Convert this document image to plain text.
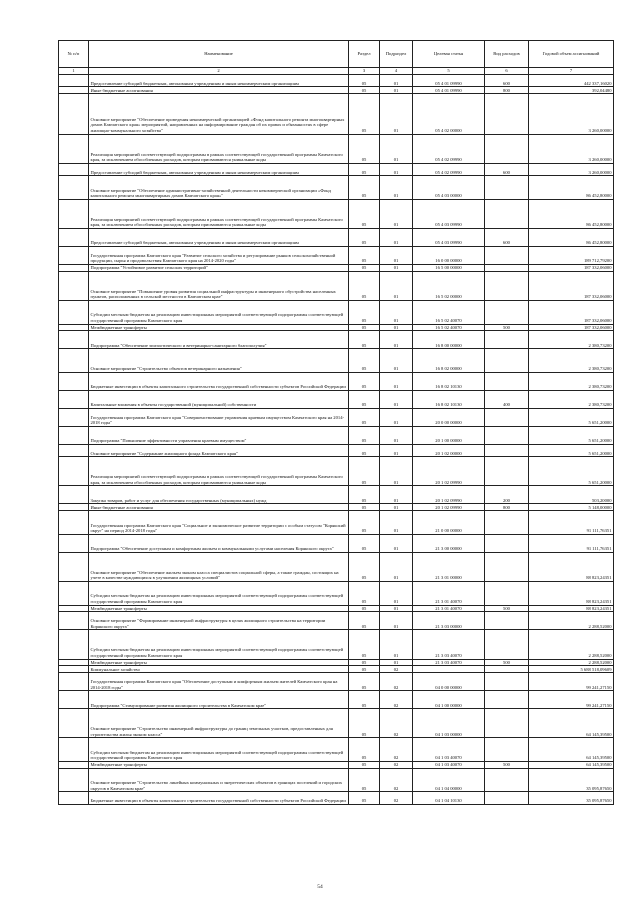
№ п/п	Наименование	Раздел	Подраздел	Целевая статья	Вид расходов	Годовой объем ассигнований
1	2	3	4	5	6	7
	Предоставление субсидий бюджетным, автономным учреждениям и иным некоммерческим организациям	05	01	05 4 01 09990	600	442 337,16020
	Иные бюджетные ассигнования	05	01	05 4 01 09990	800	392,04480
	Основное мероприятие "Обеспечение проведения некоммерческой организацией «Фонд капитального ремонта многоквартирных домов Камчатского края» мероприятий, направленных на информирование граждан об их правах и обязанностях в сфере жилищно-коммунального хозяйства"	05	01	05 4 02 00000		3 260,00000
	Реализация мероприятий соответствующей подпрограммы в рамках соответствующей государственной программы Камчатского края, за исключением обособленных расходов, которым присваиваются уникальные коды	05	01	05 4 02 09990		3 260,00000
	Предоставление субсидий бюджетным, автономным учреждениям и иным некоммерческим организациям	05	01	05 4 02 09990	600	3 260,00000
	Основное мероприятие "Обеспечение административно-хозяйственной деятельности некоммерческой организации «Фонд капитального ремонта многоквартирных домов Камчатского края»"	05	01	05 4 03 00000		86 452,80000
	Реализация мероприятий соответствующей подпрограммы в рамках соответствующей государственной программы Камчатского края, за исключением обособленных расходов, которым присваиваются уникальные коды	05	01	05 4 03 09990		86 452,80000
	Предоставление субсидий бюджетным, автономным учреждениям и иным некоммерческим организациям	05	01	05 4 03 09990	600	86 452,80000
	Государственная программа Камчатского края "Развитие сельского хозяйства и регулирование рынков сельскохозяйственной продукции, сырья и продовольствия Камчатского края на 2014-2020 годы"	05	01	16 0 00 00000		189 712,79200
	Подпрограмма "Устойчивое развитие сельских территорий"	05	01	16 5 00 00000		187 332,06000
	Основное мероприятие "Повышение уровня развития социальной инфраструктуры и инженерного обустройства населенных пунктов, расположенных в сельской местности в Камчатском крае"	05	01	16 5 02 00000		187 332,06000
	Субсидии местным бюджетам на реализацию инвестиционных мероприятий соответствующей подпрограммы соответствующей государственной программы Камчатского края	05	01	16 5 02 40070		187 332,06000
	Межбюджетные трансферты	05	01	16 5 02 40070	500	187 332,06000
	Подпрограмма "Обеспечение эпизоотического и ветеринарно-санитарного благополучия"	05	01	16 8 00 00000		2 380,73200
	Основное мероприятие "Строительство объектов ветеринарного назначения"	05	01	16 8 02 00000		2 380,73200
	Бюджетные инвестиции в объекты капитального строительства государственной собственности субъектов Российской Федерации	05	01	16 8 02 10130		2 380,73200
	Капитальные вложения в объекты государственной (муниципальной) собственности	05	01	16 8 02 10130	400	2 380,73200
	Государственная программа Камчатского края "Совершенствование управления краевым имуществом Камчатского края на 2014-2018 годы"	05	01	20 0 00 00000		5 651,20000
	Подпрограмма "Повышение эффективности управления краевым имуществом"	05	01	20 1 00 00000		5 651,20000
	Основное мероприятие "Содержание жилищного фонда Камчатского края"	05	01	20 1 02 00000		5 651,20000
	Реализация мероприятий соответствующей подпрограммы в рамках соответствующей государственной программы Камчатского края, за исключением обособленных расходов, которым присваиваются уникальные коды	05	01	20 1 02 09990		5 651,20000
	Закупка товаров, работ и услуг для обеспечения государственных (муниципальных) нужд	05	01	20 1 02 09990	200	503,20000
	Иные бюджетные ассигнования	05	01	20 1 02 09990	800	5 148,00000
	Государственная программа Камчатского края "Социальное и экономическое развитие территории с особым статусом "Корякский округ" на период 2014-2018 годы"	05	01	21 0 00 00000		91 111,76351
	Подпрограмма "Обеспечение доступным и комфортным жильем и коммунальными услугами населения Корякского округа"	05	01	21 3 00 00000		91 111,76351
	Основное мероприятие "Обеспечение жильем эконом класса специалистов социальной сферы, а также граждан, состоящих на учете в качестве нуждающихся в улучшении жилищных условий"	05	01	21 3 01 00000		88 823,24351
	Субсидии местным бюджетам на реализацию инвестиционных мероприятий соответствующей подпрограммы соответствующей государственной программы Камчатского края	05	01	21 3 01 40070		88 823,24351
	Межбюджетные трансферты	05	01	21 3 01 40070	500	88 823,24351
	Основное мероприятие "Формирование инженерной инфраструктуры в целях жилищного строительства на территории Корякского округа"	05	01	21 3 03 00000		2 288,52000
	Субсидии местным бюджетам на реализацию инвестиционных мероприятий соответствующей подпрограммы соответствующей государственной программы Камчатского края	05	01	21 3 03 40070		2 288,52000
	Межбюджетные трансферты	05	01	21 3 03 40070	500	2 288,52000
	Коммунальное хозяйство	05	02			5 688 518,09609
	Государственная программа Камчатского края "Обеспечение доступным и комфортным жильем жителей Камчатского края на 2014-2018 годы"	05	02	04 0 00 00000		99 241,27150
	Подпрограмма "Стимулирование развития жилищного строительства в Камчатском крае"	05	02	04 1 00 00000		99 241,27150
	Основное мероприятие "Строительство инженерной инфраструктуры до границ земельных участков, предоставленных для строительства жилья эконом класса"	05	02	04 1 03 00000		64 145,39500
	Субсидии местным бюджетам на реализацию инвестиционных мероприятий соответствующей подпрограммы соответствующей государственной программы Камчатского края	05	02	04 1 03 40070		64 145,39500
	Межбюджетные трансферты	05	02	04 1 03 40070	500	64 145,39500
	Основное мероприятие "Строительство линейных коммунальных и энергетических объектов в границах поселений и городских округов в Камчатском крае"	05	02	04 1 04 00000		35 095,87650
	Бюджетные инвестиции в объекты капитального строительства государственной собственности субъектов Российской Федерации	05	02	04 1 04 10130		35 095,87650
54
